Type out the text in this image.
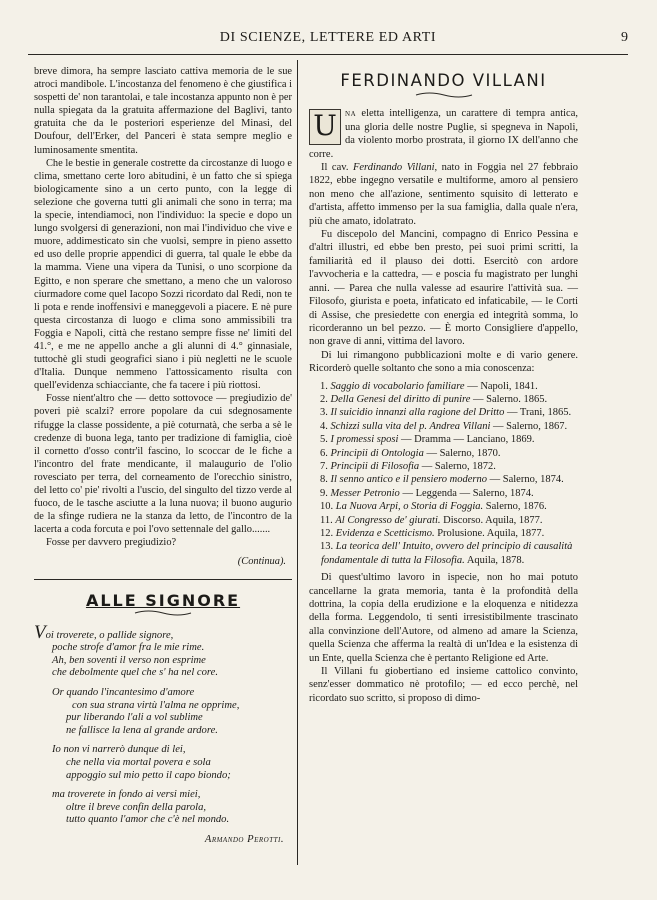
DI SCIENZE, LETTERE ED ARTI	9

breve dimora, ha sempre lasciato cattiva memoria de le sue atroci mandibole. L'incostanza del fenomeno è che giustifica i sospetti de' non tarantolai, e tale incostanza appunto non è per nulla spiegata da la gratuita affermazione del Baglivi, tanto gratuita che da le posteriori esperienze del Minasi, del Doufour, dell'Erker, del Panceri è stata sempre meglio e luminosamente smentita.

Che le bestie in generale costrette da circostanze di luogo e clima, smettano certe loro abitudini, è un fatto che si spiega biologicamente sino a un certo punto, con la legge di selezione che governa tutti gli animali che sono in terra; ma la specie, intendiamoci, non l'individuo: la specie e dopo un lungo svolgersi di generazioni, non mai l'individuo che vive e muore, addimesticato sin che vuolsi, sempre in pieno assetto ed uso delle proprie appendici di guerra, tal quale le ebbe da la mamma. Viene una vipera da Tunisi, o uno scorpione da Egitto, e non sperare che smettano, a meno che un valoroso ciurmadore come quel Iacopo Sozzi ricordato dal Redi, non te li pota e rende inoffensivi e maneggevoli a piacere. E nè pure questa circostanza di luogo e clima sono ammissibili tra Foggia e Napoli, città che restano sempre fisse ne' limiti del 41.°, e me ne appello anche a gli alunni di 4.° ginnasiale, tuttochè gli studi geografici siano i più negletti ne le scuole d'Italia. Dunque nemmeno l'attossicamento risulta con quell'evidenza schiacciante, che fa tacere i più riottosi.

Fosse nient'altro che — detto sottovoce — pregiudizio de' poveri piè scalzi? errore popolare da cui sdegnosamente rifugge la classe possidente, a piè coturnatà, che serba a sè le credenze di buona lega, tanto per tradizione di famiglia, cioè il cornetto d'osso contr'il fascino, lo scoccar de le fiche a l'incontro del frate mendicante, il malaugurio de l'olio rovesciato per terra, del corneamento de l'orecchio sinistro, del letto co' pie' rivolti a l'uscio, del singulto del tizzo verde al fuoco, de le tasche asciutte a la luna nuova; il buono augurio de la sfinge rudiera ne la stanza da letto, de l'incontro de la lacerta a coda forcuta e poi l'ovo settennale del gallo.......

Fosse per davvero pregiudizio?

(Continua).

ALLE SIGNORE
Voi troverete, o pallide signore,
poche strofe d'amor fra le mie rime.
Ah, ben soventi il verso non esprime
che debolmente quel che s' ha nel core.
Or quando l'incantesimo d'amore
con sua strana virtù l'alma ne opprime,
pur liberando l'ali a vol sublime
ne fallisce la lena al grande ardore.
Io non vi narrerò dunque di lei,
che nella via mortal povera e sola
appoggio sul mio petto il capo biondo;
ma troverete in fondo ai versi miei,
oltre il breve confin della parola,
tutto quanto l'amor che c'è nel mondo.
Armando Perotti.
FERDINANDO VILLANI

U na eletta intelligenza, un carattere di tempra antica, una gloria delle nostre Puglie, si spegneva in Napoli, da violento morbo prostrata, il giorno IX dell'anno che corre.

Il cav. Ferdinando Villani, nato in Foggia nel 27 febbraio 1822, ebbe ingegno versatile e multiforme, amoro al pensiero non meno che all'azione, sentimento squisito di letterato e d'artista, affetto immenso per la sua famiglia, dalla quale n'era, più che amato, idolatrato.

Fu discepolo del Mancini, compagno di Enrico Pessina e d'altri illustri, ed ebbe ben presto, pei suoi primi scritti, la familiarità ed il plauso dei dotti. Esercitò con ardore l'avvocheria e la cattedra, — e poscia fu magistrato per lunghi anni. — Parea che nulla valesse ad esaurire l'attività sua. — Filosofo, giurista e poeta, infaticato ed infaticabile, — le Corti di Assise, che presiedette con energia ed integrità somma, lo ricorderanno un bel pezzo. — È morto Consigliere d'appello, non grave di anni, vittima del lavoro.

Di lui rimangono pubblicazioni molte e di vario genere. Ricorderò quelle soltanto che sono a mia conoscenza:

1. Saggio di vocabolario familiare — Napoli, 1841.
2. Della Genesi del diritto di punire — Salerno. 1865.
3. Il suicidio innanzi alla ragione del Dritto — Trani, 1865.
4. Schizzi sulla vita del p. Andrea Villani — Salerno, 1867.
5. I promessi sposi — Dramma — Lanciano, 1869.
6. Principii di Ontologia — Salerno, 1870.
7. Principii di Filosofia — Salerno, 1872.
8. Il senno antico e il pensiero moderno — Salerno, 1874.
9. Messer Petronio — Leggenda — Salerno, 1874.
10. La Nuova Arpi, o Storia di Foggia. Salerno, 1876.
11. Al Congresso de' giurati. Discorso. Aquila, 1877.
12. Evidenza e Scetticismo. Prolusione. Aquila, 1877.
13. La teorica dell' Intuito, ovvero del principio di causalità fondamentale di tutta la Filosofia. Aquila, 1878.

Di quest'ultimo lavoro in ispecie, non ho mai potuto cancellarne la grata memoria, tanta è la profondità della dottrina, la copia della erudizione e la eloquenza e nitidezza della forma. Leggendolo, ti senti irresistibilmente trascinato alla convinzione dell'Autore, od almeno ad amare la Scienza, quella Scienza che afferma la realtà di un'Idea e la esistenza di un Ente, quella Scienza che è pertanto Religione ed Arte.

Il Villani fu giobertiano ed insieme cattolico convinto, senz'esser dommatico nè protofilo; — ed ecco perchè, nel ricordato suo scritto, si proposo di dimo-
